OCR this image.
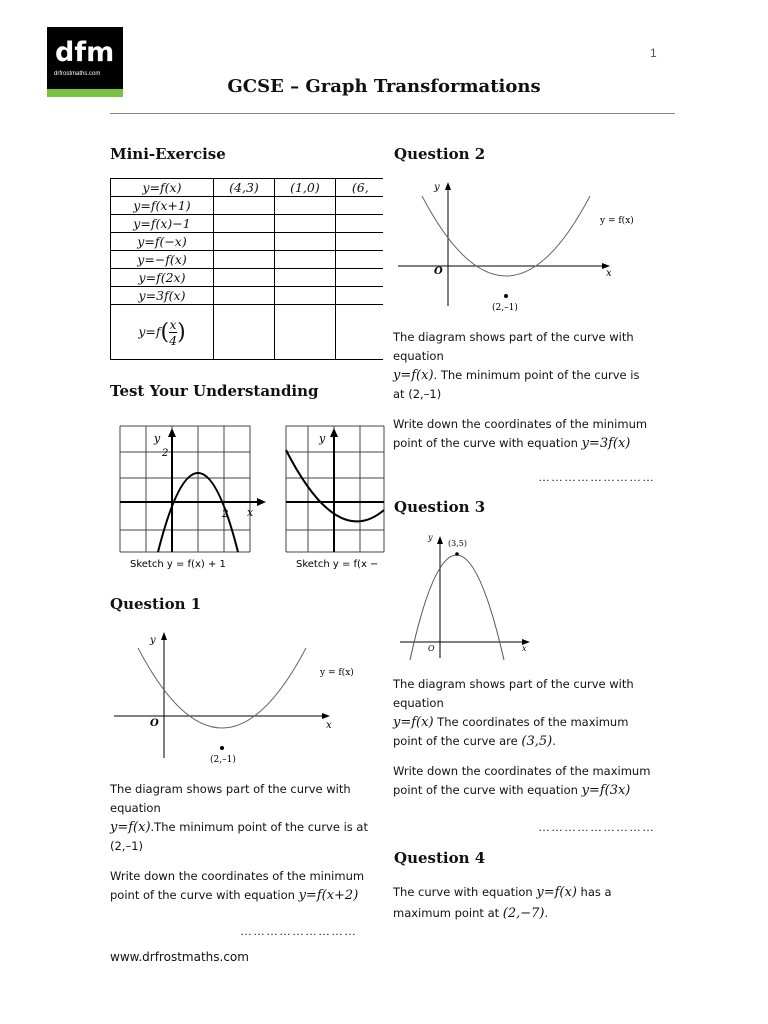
dfm
drfrostmaths.com
1
GCSE – Graph Transformations
Mini-Exercise
y=f(x)	(4,3)	(1,0)	(6,
y=f(x+1)			
y=f(x)−1			
y=f(−x)			
y=−f(x)			
y=f(2x)			
y=3f(x)			
$y=f( \frac{x}{4}$ )			
Test Your Understanding
y
2
2 x
Sketch y = f(x) + 1
y
Sketch y = f(x −
Question 1
y
x
O
y = f(x)
(2,–1)
The diagram shows part of the curve with
equation
y=f(x).The minimum point of the curve is at
(2,–1)
Write down the coordinates of the minimum
point of the curve with equation y=f(x+2)
………………………
Question 2
y
x
O
y = f(x)
(2,–1)
The diagram shows part of the curve with
equation
y=f(x). The minimum point of the curve is
at (2,–1)
Write down the coordinates of the minimum
point of the curve with equation y=3f(x)
………………………
Question 3
y
x
O
(3,5)
The diagram shows part of the curve with
equation
y=f(x) The coordinates of the maximum
point of the curve are (3,5).
Write down the coordinates of the maximum
point of the curve with equation y=f(3x)
………………………
Question 4
The curve with equation y=f(x) has a
maximum point at (2,−7).
www.drfrostmaths.com
